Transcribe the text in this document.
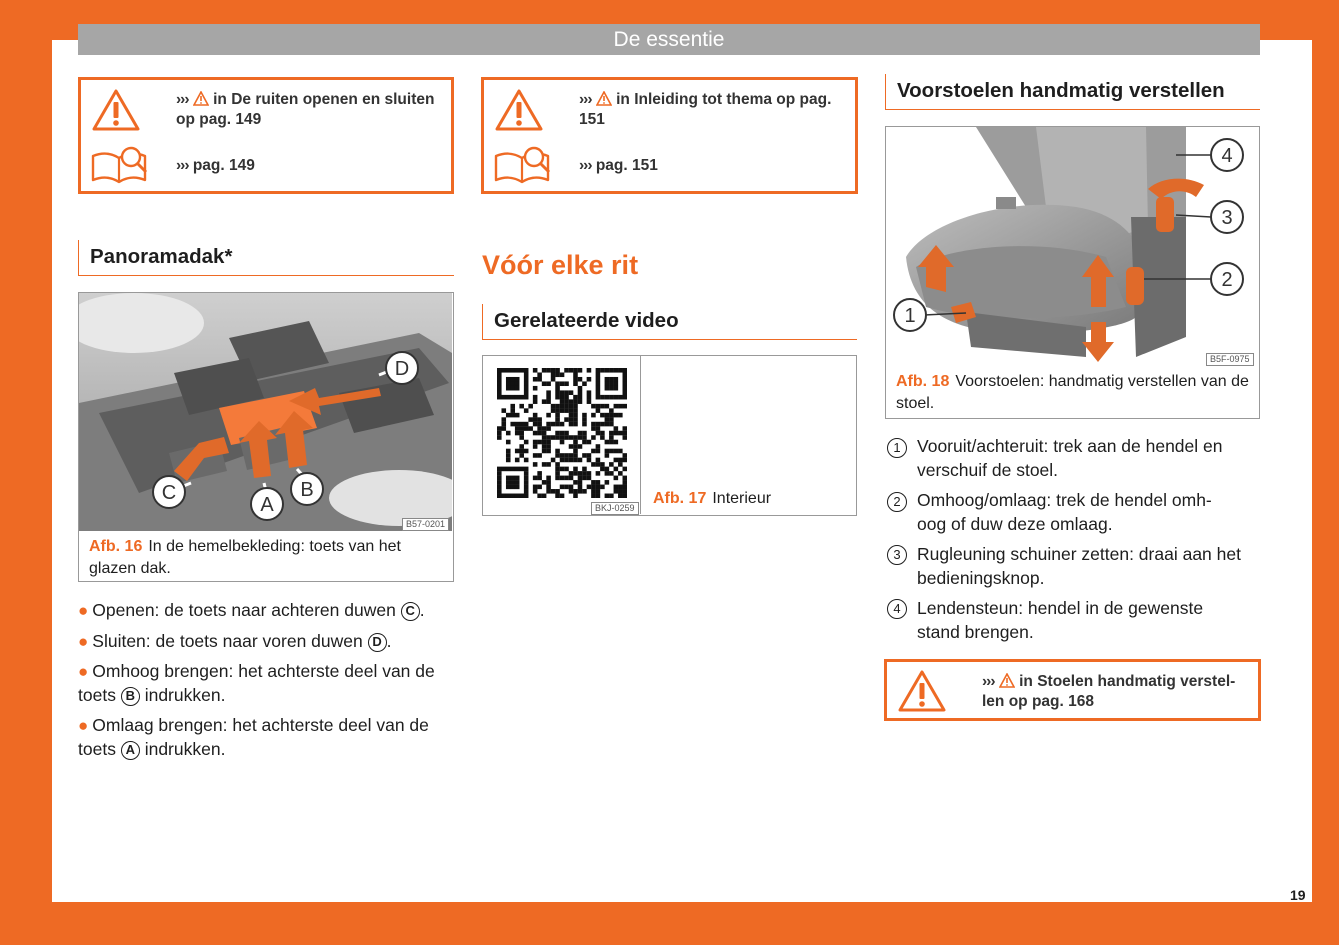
De essentie
››› in De ruiten openen en sluiten op pag. 149
››› pag. 149
Panoramadak*
C
A
B
D
B57-0201
Afb. 16 In de hemelbekleding: toets van het glazen dak.
● Openen: de toets naar achteren duwen C .
● Sluiten: de toets naar voren duwen D .
● Omhoog brengen: het achterste deel van de toets B indrukken.
● Omlaag brengen: het achterste deel van de toets A indrukken.
››› in Inleiding tot thema op pag. 151
››› pag. 151
Vóór elke rit
Gerelateerde video
BKJ-0259
Afb. 17 Interieur
Voorstoelen handmatig verstellen
1
2
3
4
B5F-0975
Afb. 18 Voorstoelen: handmatig verstellen van de stoel.
1 Vooruit/achteruit: trek aan de hendel en
verschuif de stoel.
2 Omhoog/omlaag: trek de hendel omh-
oog of duw deze omlaag.
3 Rugleuning schuiner zetten: draai aan het
bedieningsknop.
4 Lendensteun: hendel in de gewenste
stand brengen.
››› in Stoelen handmatig verstel-len op pag. 168
19
